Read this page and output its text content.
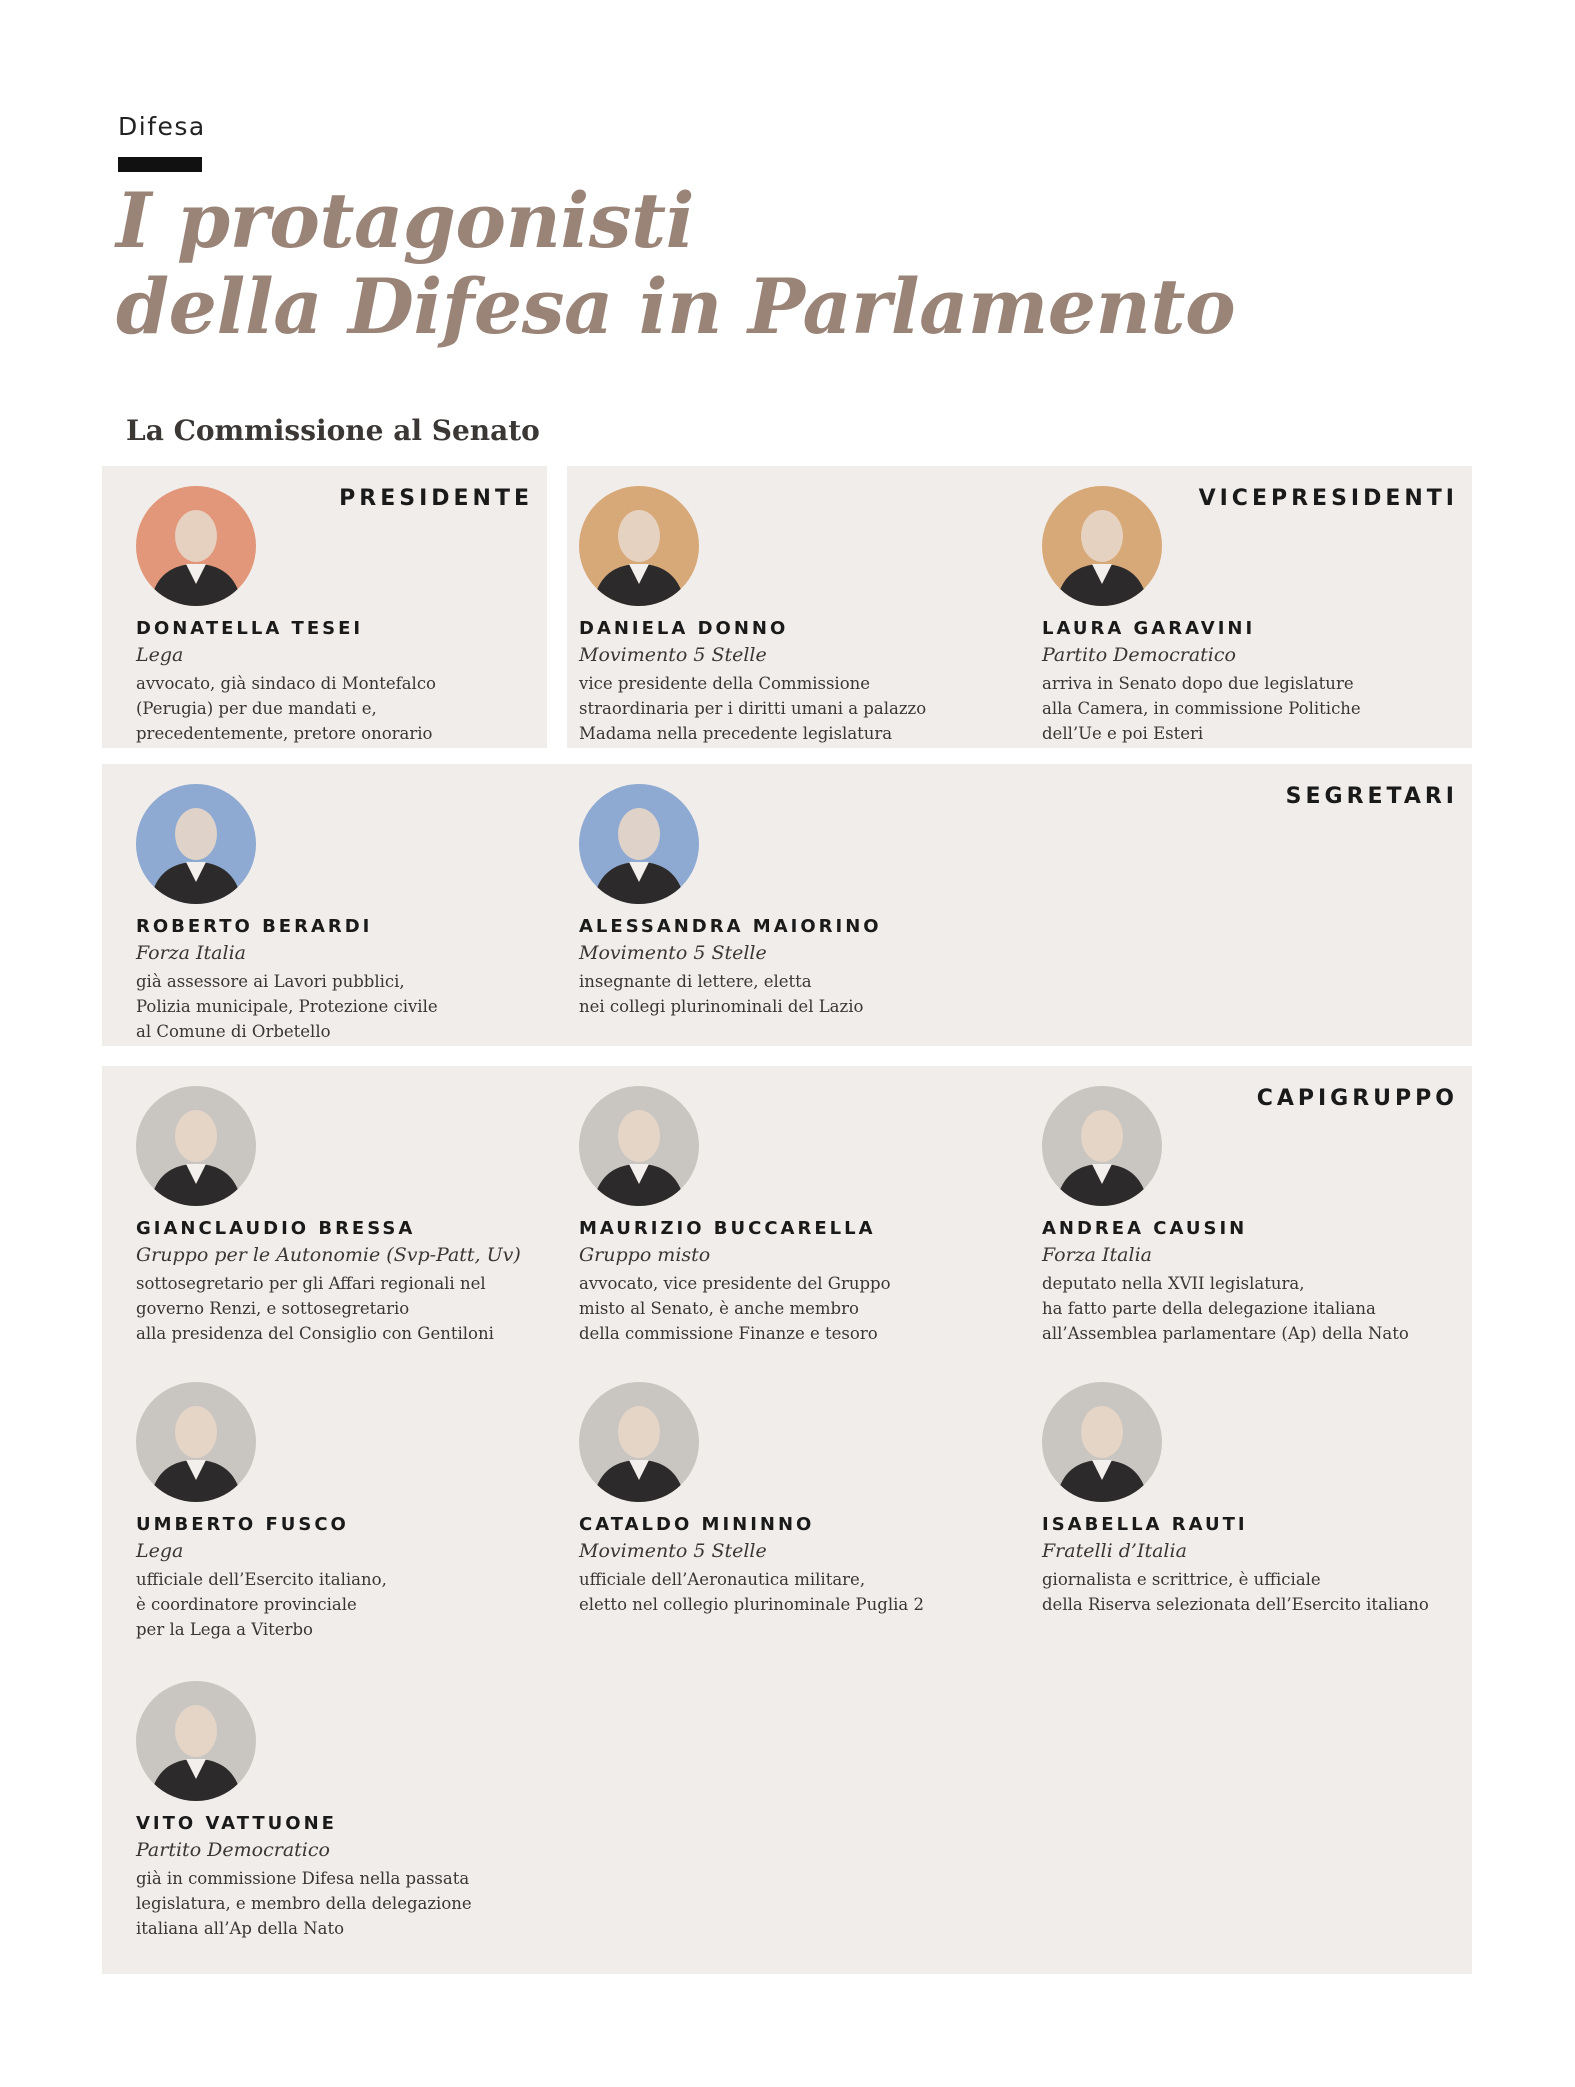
Difesa
I protagonisti
della Difesa in Parlamento
La Commissione al Senato
PRESIDENTE
DONATELLA TESEI
Lega
avvocato, già sindaco di Montefalco
(Perugia) per due mandati e,
precedentemente, pretore onorario
VICEPRESIDENTI
DANIELA DONNO
Movimento 5 Stelle
vice presidente della Commissione
straordinaria per i diritti umani a palazzo
Madama nella precedente legislatura
LAURA GARAVINI
Partito Democratico
arriva in Senato dopo due legislature
alla Camera, in commissione Politiche
dell’Ue e poi Esteri
SEGRETARI
ROBERTO BERARDI
Forza Italia
già assessore ai Lavori pubblici,
Polizia municipale, Protezione civile
al Comune di Orbetello
ALESSANDRA MAIORINO
Movimento 5 Stelle
insegnante di lettere, eletta
nei collegi plurinominali del Lazio
CAPIGRUPPO
GIANCLAUDIO BRESSA
Gruppo per le Autonomie (Svp-Patt, Uv)
sottosegretario per gli Affari regionali nel
governo Renzi, e sottosegretario
alla presidenza del Consiglio con Gentiloni
MAURIZIO BUCCARELLA
Gruppo misto
avvocato, vice presidente del Gruppo
misto al Senato, è anche membro
della commissione Finanze e tesoro
ANDREA CAUSIN
Forza Italia
deputato nella XVII legislatura,
ha fatto parte della delegazione italiana
all’Assemblea parlamentare (Ap) della Nato
UMBERTO FUSCO
Lega
ufficiale dell’Esercito italiano,
è coordinatore provinciale
per la Lega a Viterbo
CATALDO MININNO
Movimento 5 Stelle
ufficiale dell’Aeronautica militare,
eletto nel collegio plurinominale Puglia 2
ISABELLA RAUTI
Fratelli d’Italia
giornalista e scrittrice, è ufficiale
della Riserva selezionata dell’Esercito italiano
VITO VATTUONE
Partito Democratico
già in commissione Difesa nella passata
legislatura, e membro della delegazione
italiana all’Ap della Nato
